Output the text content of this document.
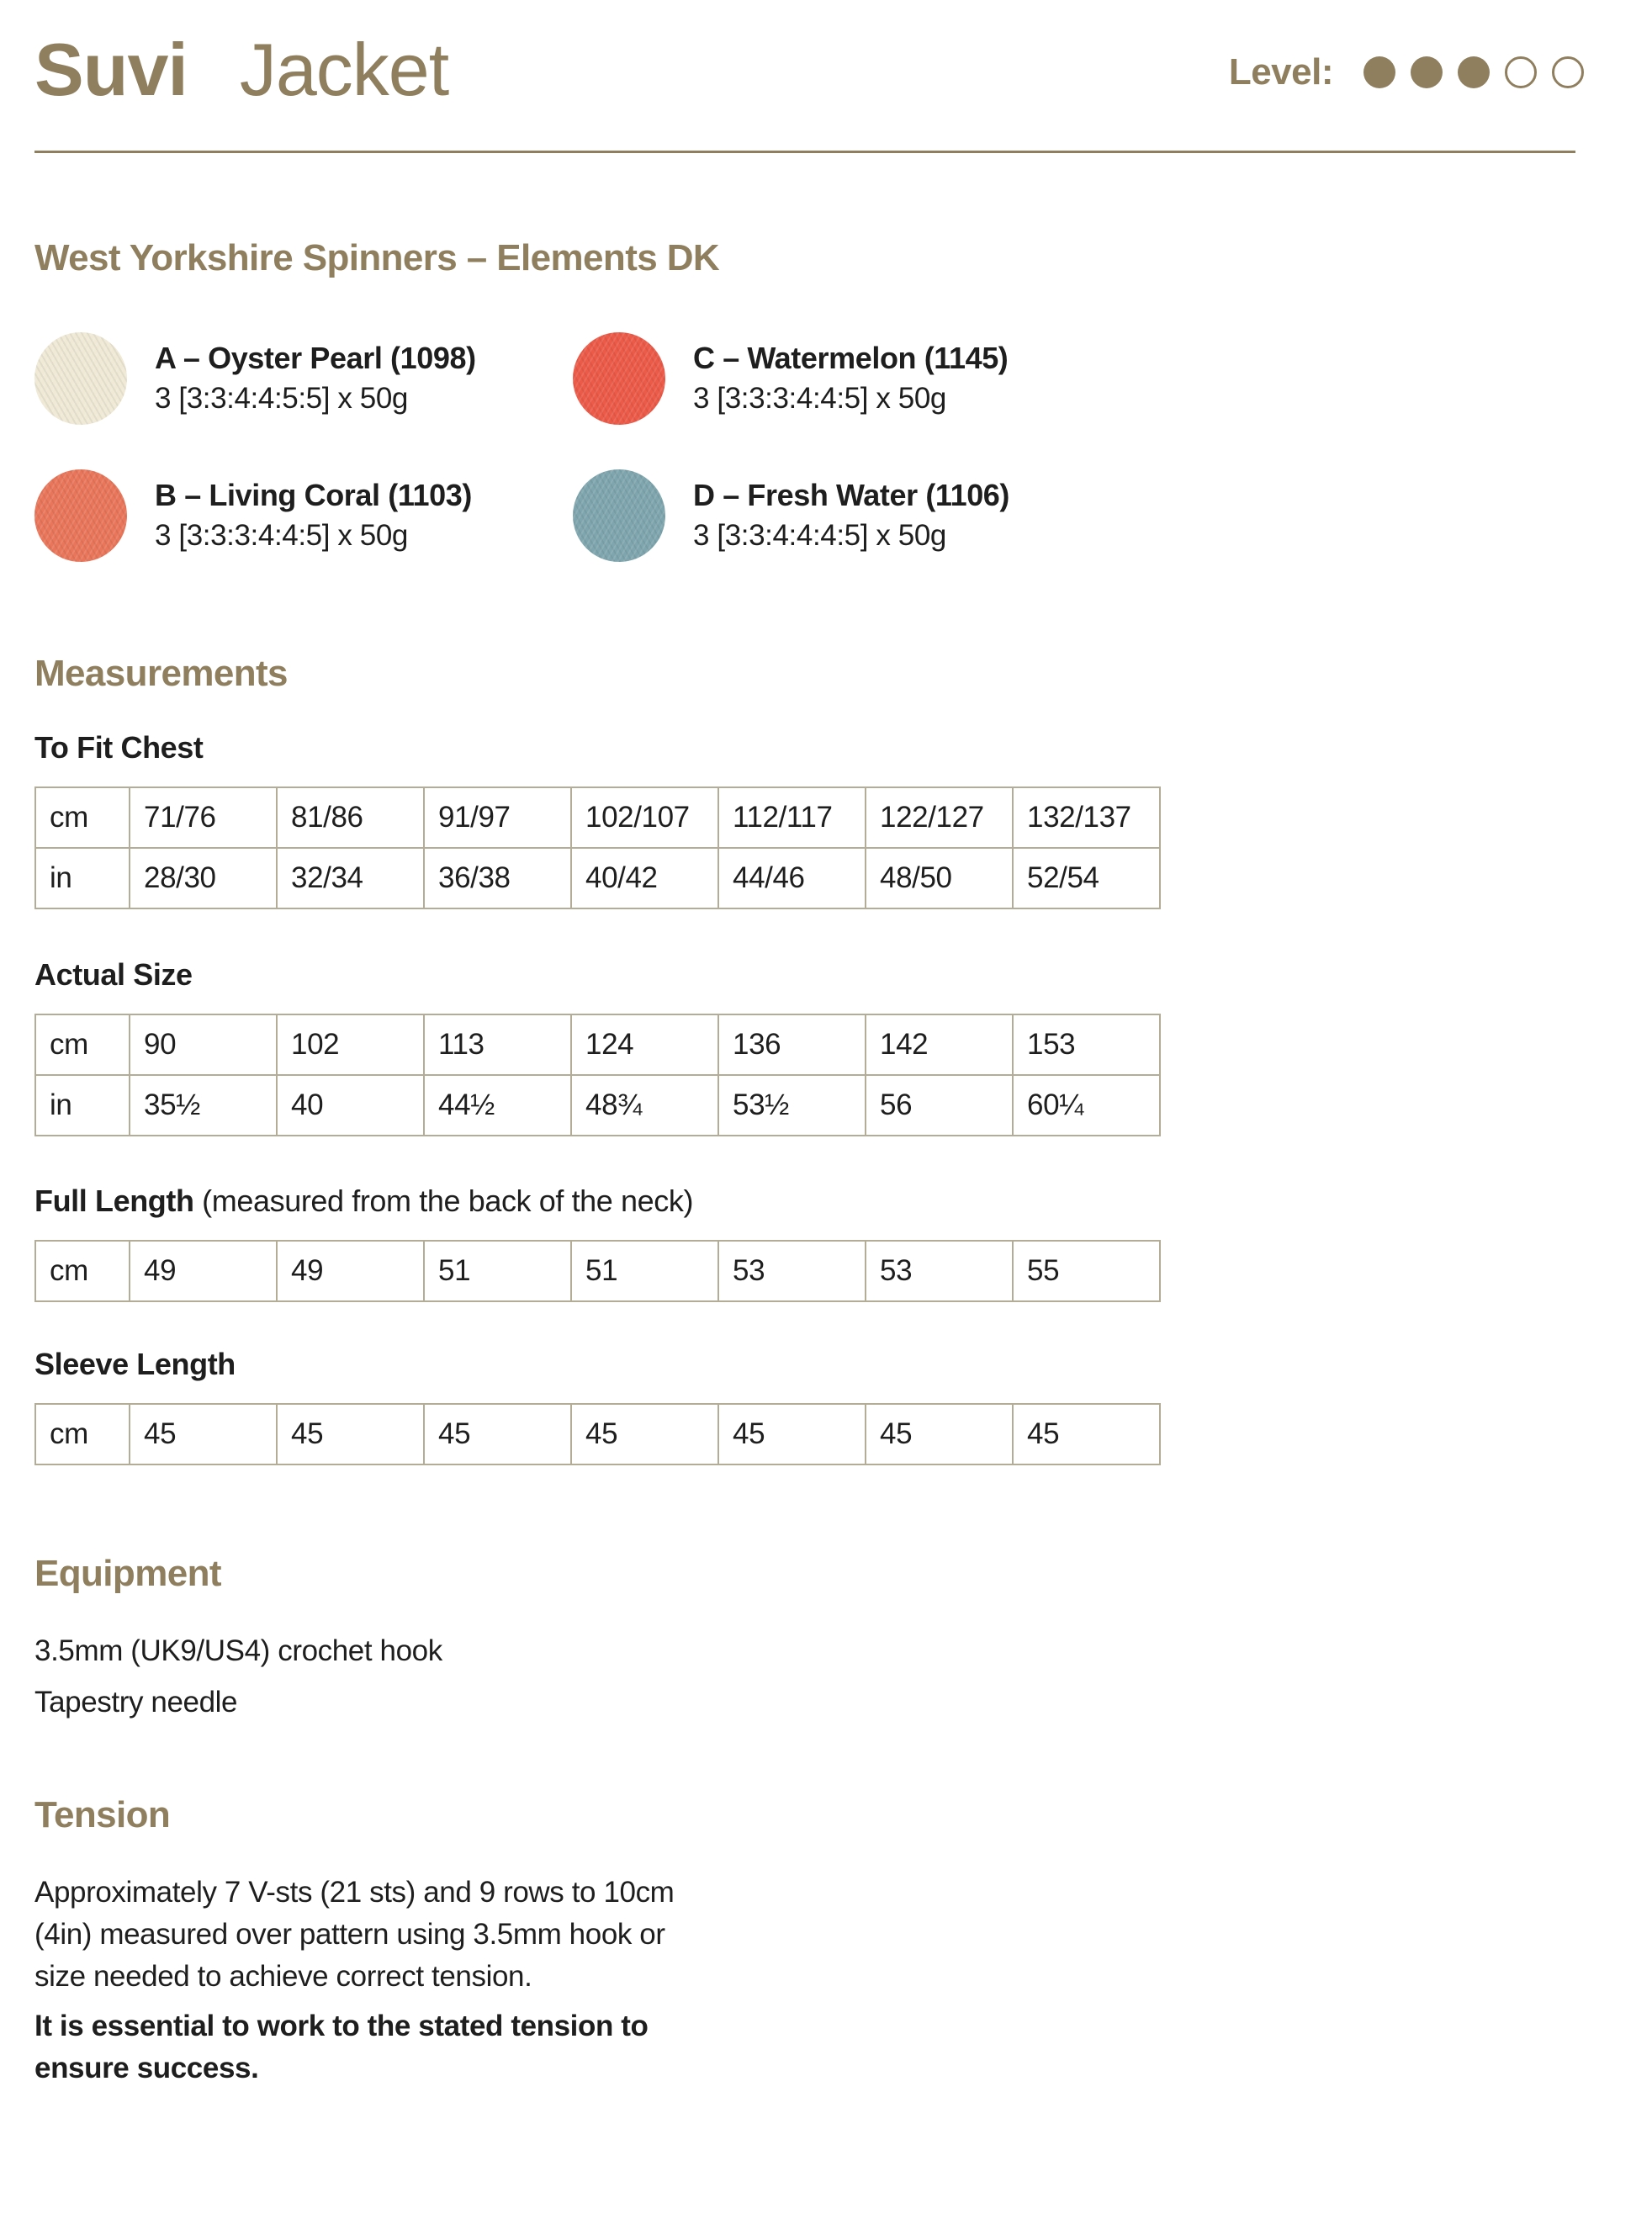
Suvi Jacket	Level:
West Yorkshire Spinners – Elements DK
A – Oyster Pearl (1098)
3 [3:3:4:4:5:5] x 50g
B – Living Coral (1103)
3 [3:3:3:4:4:5] x 50g
C – Watermelon (1145)
3 [3:3:3:4:4:5] x 50g
D – Fresh Water (1106)
3 [3:3:4:4:4:5] x 50g
Measurements
To Fit Chest
cm	71/76	81/86	91/97	102/107	112/117	122/127	132/137
in	28/30	32/34	36/38	40/42	44/46	48/50	52/54
Actual Size
cm	90	102	113	124	136	142	153
in	35½	40	44½	48¾	53½	56	60¼
Full Length (measured from the back of the neck)
cm	49	49	51	51	53	53	55
Sleeve Length
cm	45	45	45	45	45	45	45
Equipment
3.5mm (UK9/US4) crochet hook
Tapestry needle
Tension
Approximately 7 V-sts (21 sts) and 9 rows to 10cm
(4in) measured over pattern using 3.5mm hook or
size needed to achieve correct tension.
It is essential to work to the stated tension to
ensure success.
